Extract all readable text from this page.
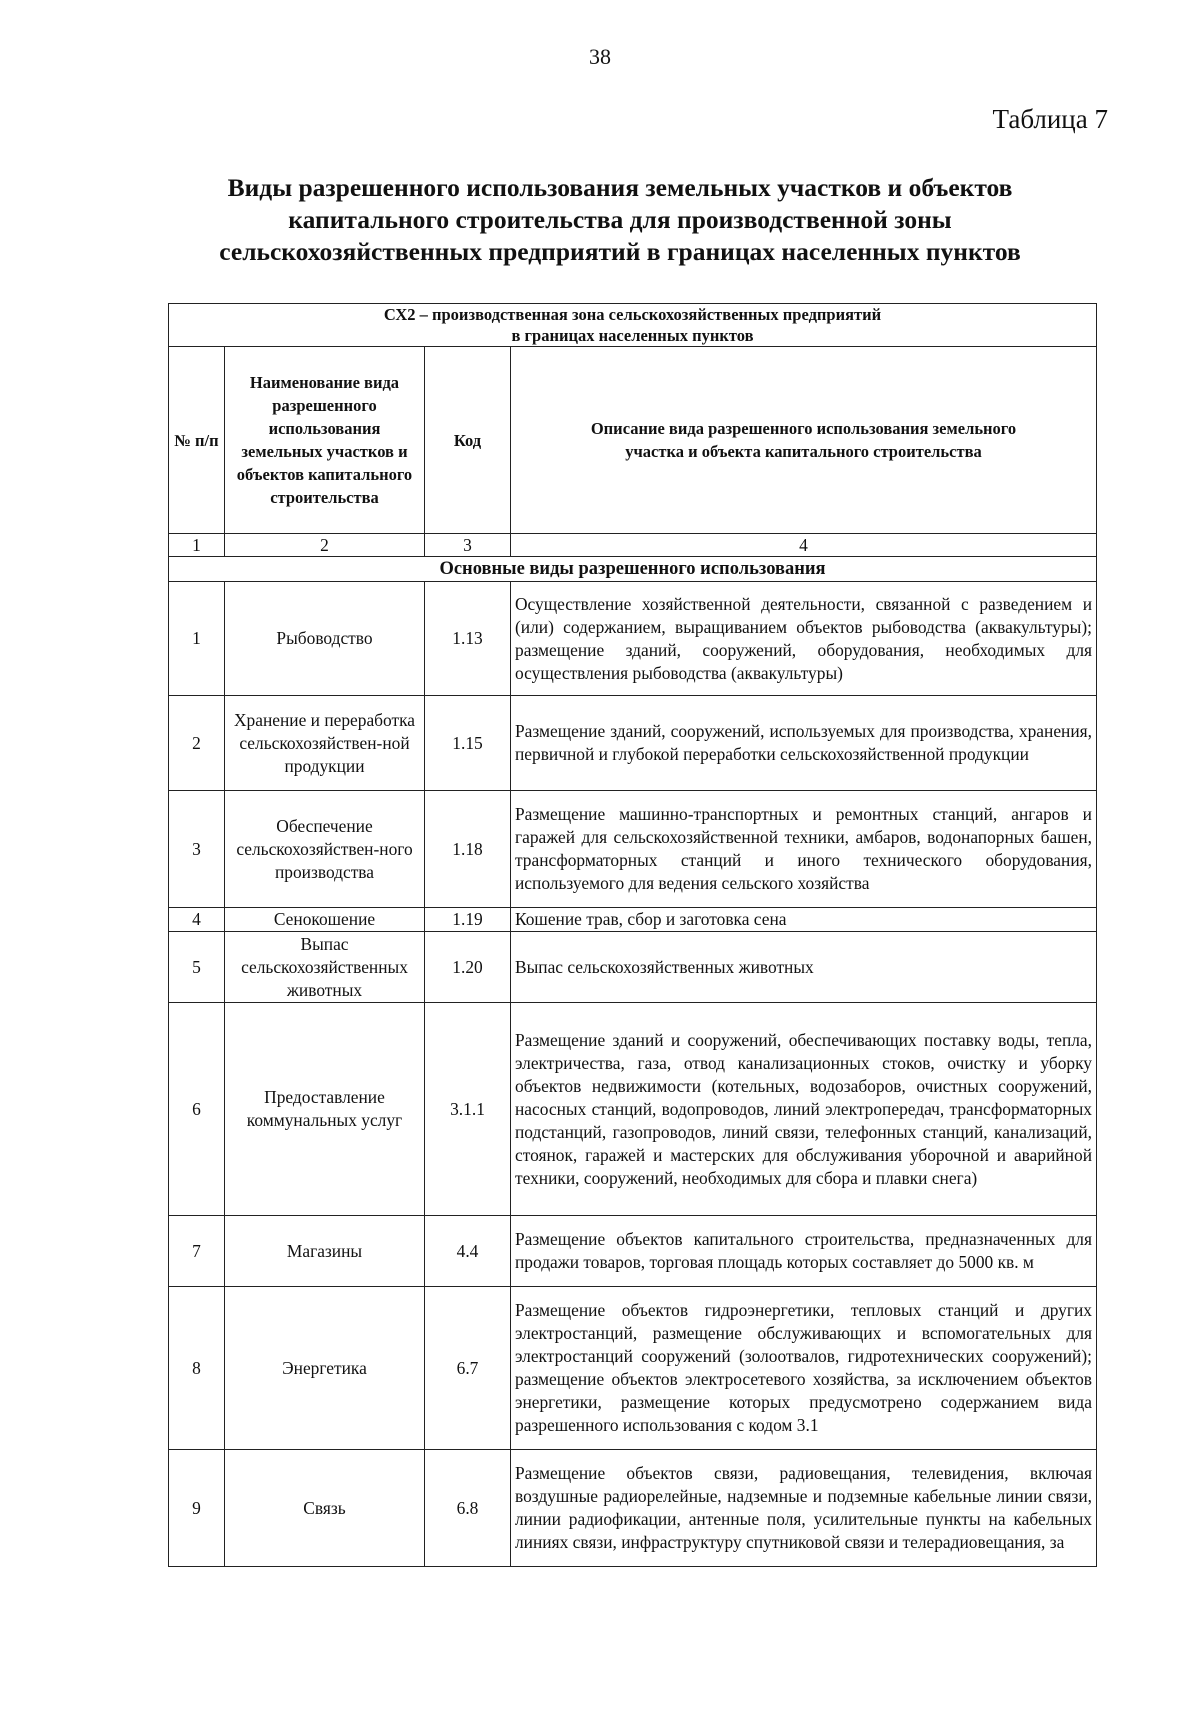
38
Таблица 7
Виды разрешенного использования земельных участков и объектов
капитального строительства для производственной зоны
сельскохозяйственных предприятий в границах населенных пунктов
СХ2 – производственная зона сельскохозяйственных предприятий
в границах населенных пунктов			

№ п/п	Наименование вида разрешенного использования земельных участков и объектов капитального строительства	Код	Описание вида разрешенного использования земельного участка и объекта капитального строительства
1	2	3	4
Основные виды разрешенного использования			
1	Рыбоводство	1.13	Осуществление хозяйственной деятельности, связанной с разведением и (или) содержанием, выращиванием объектов рыбоводства (аквакультуры); размещение зданий, сооружений, оборудования, необходимых для осуществления рыбоводства (аквакультуры)
2	Хранение и переработка сельскохозяйствен-ной продукции	1.15	Размещение зданий, сооружений, используемых для производства, хранения, первичной и глубокой переработки сельскохозяйственной продукции
3	Обеспечение сельскохозяйствен-ного производства	1.18	Размещение машинно-транспортных и ремонтных станций, ангаров и гаражей для сельскохозяйственной техники, амбаров, водонапорных башен, трансформаторных станций и иного технического оборудования, используемого для ведения сельского хозяйства
4	Сенокошение	1.19	Кошение трав, сбор и заготовка сена
5	Выпас сельскохозяйственных животных	1.20	Выпас сельскохозяйственных животных
6	Предоставление коммунальных услуг	3.1.1	Размещение зданий и сооружений, обеспечивающих поставку воды, тепла, электричества, газа, отвод канализационных стоков, очистку и уборку объектов недвижимости (котельных, водозаборов, очистных сооружений, насосных станций, водопроводов, линий электропередач, трансформаторных подстанций, газопроводов, линий связи, телефонных станций, канализаций, стоянок, гаражей и мастерских для обслуживания уборочной и аварийной техники, сооружений, необходимых для сбора и плавки снега)
7	Магазины	4.4	Размещение объектов капитального строительства, предназначенных для продажи товаров, торговая площадь которых составляет до 5000 кв. м
8	Энергетика	6.7	Размещение объектов гидроэнергетики, тепловых станций и других электростанций, размещение обслуживающих и вспомогательных для электростанций сооружений (золоотвалов, гидротехнических сооружений); размещение объектов электросетевого хозяйства, за исключением объектов энергетики, размещение которых предусмотрено содержанием вида разрешенного использования с кодом 3.1
9	Связь	6.8	Размещение объектов связи, радиовещания, телевидения, включая воздушные радиорелейные, надземные и подземные кабельные линии связи, линии радиофикации, антенные поля, усилительные пункты на кабельных линиях связи, инфраструктуру спутниковой связи и телерадиовещания, за
